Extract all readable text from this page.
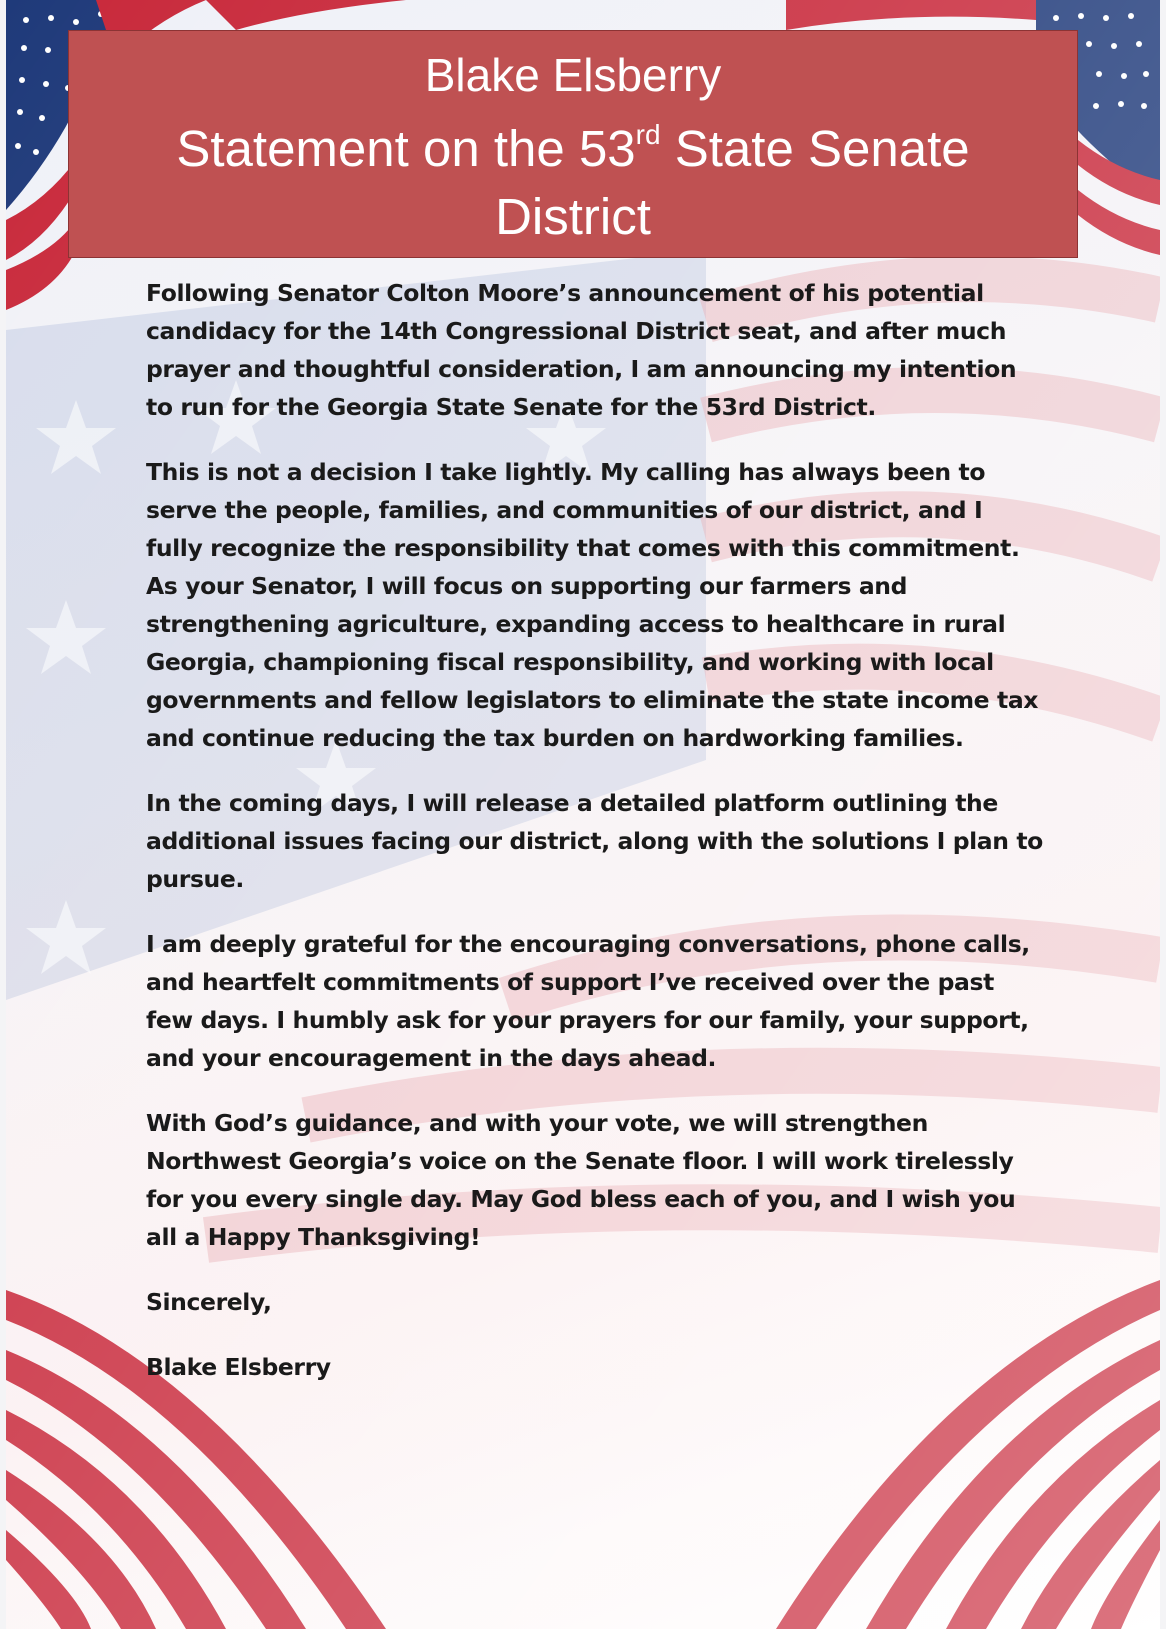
Blake Elsberry
Statement on the 53rd State Senate District

Following Senator Colton Moore’s announcement of his potential candidacy for the 14th Congressional District seat, and after much prayer and thoughtful consideration, I am announcing my intention to run for the Georgia State Senate for the 53rd District.

This is not a decision I take lightly. My calling has always been to serve the people, families, and communities of our district, and I fully recognize the responsibility that comes with this commitment. As your Senator, I will focus on supporting our farmers and strengthening agriculture, expanding access to healthcare in rural Georgia, championing fiscal responsibility, and working with local governments and fellow legislators to eliminate the state income tax and continue reducing the tax burden on hardworking families.

In the coming days, I will release a detailed platform outlining the additional issues facing our district, along with the solutions I plan to pursue.

I am deeply grateful for the encouraging conversations, phone calls, and heartfelt commitments of support I’ve received over the past few days. I humbly ask for your prayers for our family, your support, and your encouragement in the days ahead.

With God’s guidance, and with your vote, we will strengthen Northwest Georgia’s voice on the Senate floor. I will work tirelessly for you every single day. May God bless each of you, and I wish you all a Happy Thanksgiving!

Sincerely,

Blake Elsberry
